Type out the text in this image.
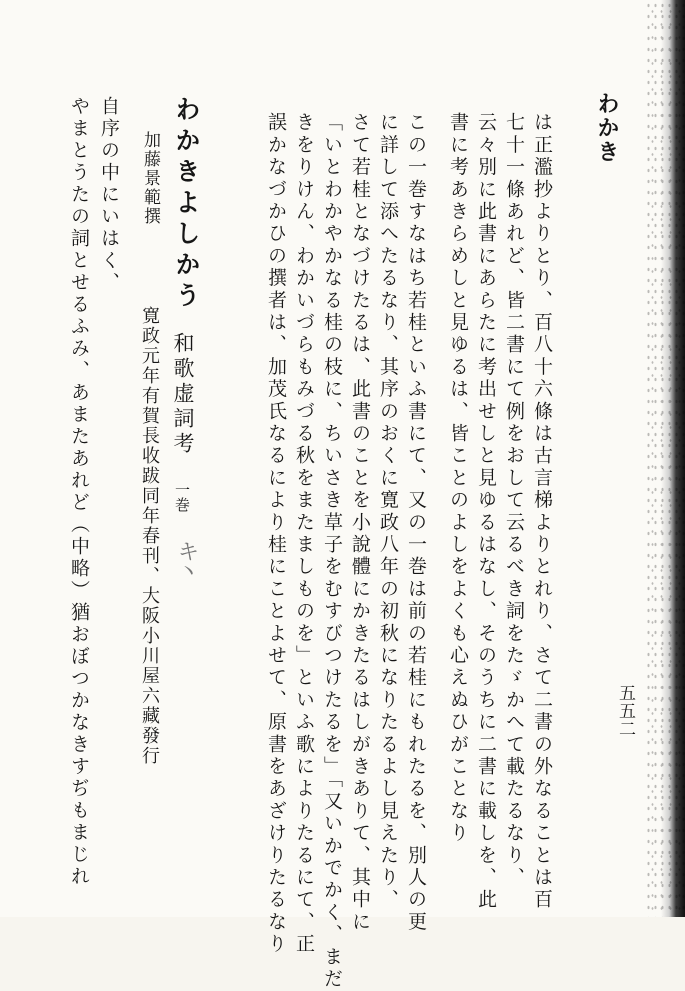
わかき
五五二
は正濫抄よりとり、百八十六條は古言梯よりとれり、さて二書の外なることは百
七十一條あれど、皆二書にて例をおして云るべき詞をたゞかへて載たるなり、
云々別に此書にあらたに考出せしと見ゆるはなし、そのうちに二書に載しを、此
書に考あきらめしと見ゆるは、皆ことのよしをよくも心えぬひがことなり
この一巻すなはち若桂といふ書にて、又の一巻は前の若桂にもれたるを、別人の更
に詳して添へたるなり、其序のおくに寛政八年の初秋になりたるよし見えたり、
さて若桂となづけたるは、此書のことを小說體にかきたるはしがきありて、其中に
「いとわかやかなる桂の枝に、ちいさき草子をむすびつけたるを」「又いかでかく、まだ
きをりけん、わかいづらもみづる秋をまたましものを」といふ歌によりたるにて、正
誤かなづかひの撰者は、加茂氏なるにより桂にことよせて、原書をあざけりたるなり
わかきよしかう
加藤景範撰
和歌虚詞考
一巻
キ丶
寛政元年有賀長收跋同年春刊、大阪小川屋六藏發行
自序の中にいはく、
やまとうたの詞とせるふみ、あまたあれど（中略）猶おぼつかなきすぢもまじれ
